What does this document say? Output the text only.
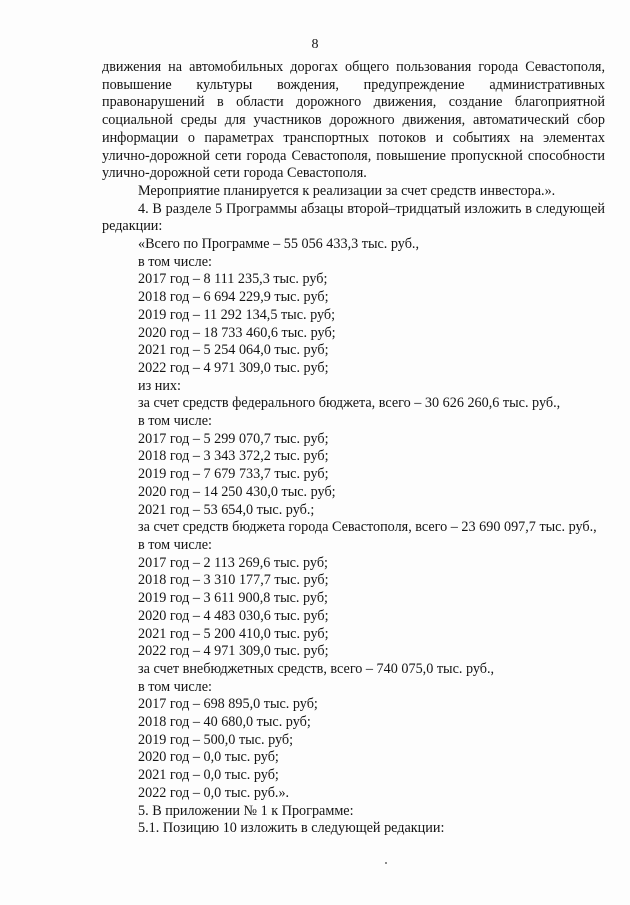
8

движения на автомобильных дорогах общего пользования города Севастополя,

повышение культуры вождения, предупреждение административных

правонарушений в области дорожного движения, создание благоприятной

социальной среды для участников дорожного движения, автоматический сбор

информации о параметрах транспортных потоков и событиях на элементах

улично-дорожной сети города Севастополя, повышение пропускной способности

улично-дорожной сети города Севастополя.

Мероприятие планируется к реализации за счет средств инвестора.».

4. В разделе 5 Программы абзацы второй–тридцатый изложить в следующей

редакции:

«Всего по Программе – 55 056 433,3 тыс. руб.,

в том числе:

2017 год – 8 111 235,3 тыс. руб;

2018 год – 6 694 229,9 тыс. руб;

2019 год – 11 292 134,5 тыс. руб;

2020 год – 18 733 460,6 тыс. руб;

2021 год – 5 254 064,0 тыс. руб;

2022 год – 4 971 309,0 тыс. руб;

из них:

за счет средств федерального бюджета, всего – 30 626 260,6 тыс. руб.,

в том числе:

2017 год – 5 299 070,7 тыс. руб;

2018 год – 3 343 372,2 тыс. руб;

2019 год – 7 679 733,7 тыс. руб;

2020 год – 14 250 430,0 тыс. руб;

2021 год – 53 654,0 тыс. руб.;

за счет средств бюджета города Севастополя, всего – 23 690 097,7 тыс. руб.,

в том числе:

2017 год – 2 113 269,6 тыс. руб;

2018 год – 3 310 177,7 тыс. руб;

2019 год – 3 611 900,8 тыс. руб;

2020 год – 4 483 030,6 тыс. руб;

2021 год – 5 200 410,0 тыс. руб;

2022 год – 4 971 309,0 тыс. руб;

за счет внебюджетных средств, всего – 740 075,0 тыс. руб.,

в том числе:

2017 год – 698 895,0 тыс. руб;

2018 год – 40 680,0 тыс. руб;

2019 год – 500,0 тыс. руб;

2020 год – 0,0 тыс. руб;

2021 год – 0,0 тыс. руб;

2022 год – 0,0 тыс. руб.».

5. В приложении № 1 к Программе:

5.1. Позицию 10 изложить в следующей редакции:
